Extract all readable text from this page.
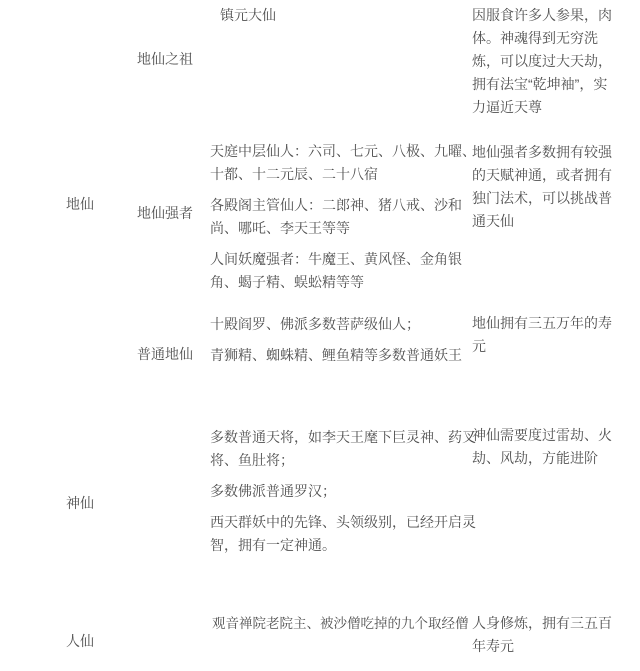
镇元大仙	因服食许多人参果，肉体。神魂得到无穷洗炼，可以度过大天劫，拥有法宝“乾坤袖”，实力逼近天尊
地仙之祖

天庭中层仙人：六司、七元、八极、九曜、十都、十二元辰、二十八宿

各殿阁主管仙人：二郎神、猪八戒、沙和尚、哪吒、李天王等等

人间妖魔强者：牛魔王、黄风怪、金角银角、蝎子精、蜈蚣精等等

地仙强者多数拥有较强的天赋神通，或者拥有独门法术，可以挑战普通天仙
地仙
地仙强者

十殿阎罗、佛派多数菩萨级仙人；

青狮精、蜘蛛精、鲤鱼精等多数普通妖王

地仙拥有三五万年的寿元
普通地仙

多数普通天将，如李天王麾下巨灵神、药叉将、鱼肚将；

多数佛派普通罗汉；

西天群妖中的先锋、头领级别，已经开启灵智，拥有一定神通。

神仙需要度过雷劫、火劫、风劫，方能进阶
神仙

观音禅院老院主、被沙僧吃掉的九个取经僧 人身修炼，拥有三五百年寿元
人仙
